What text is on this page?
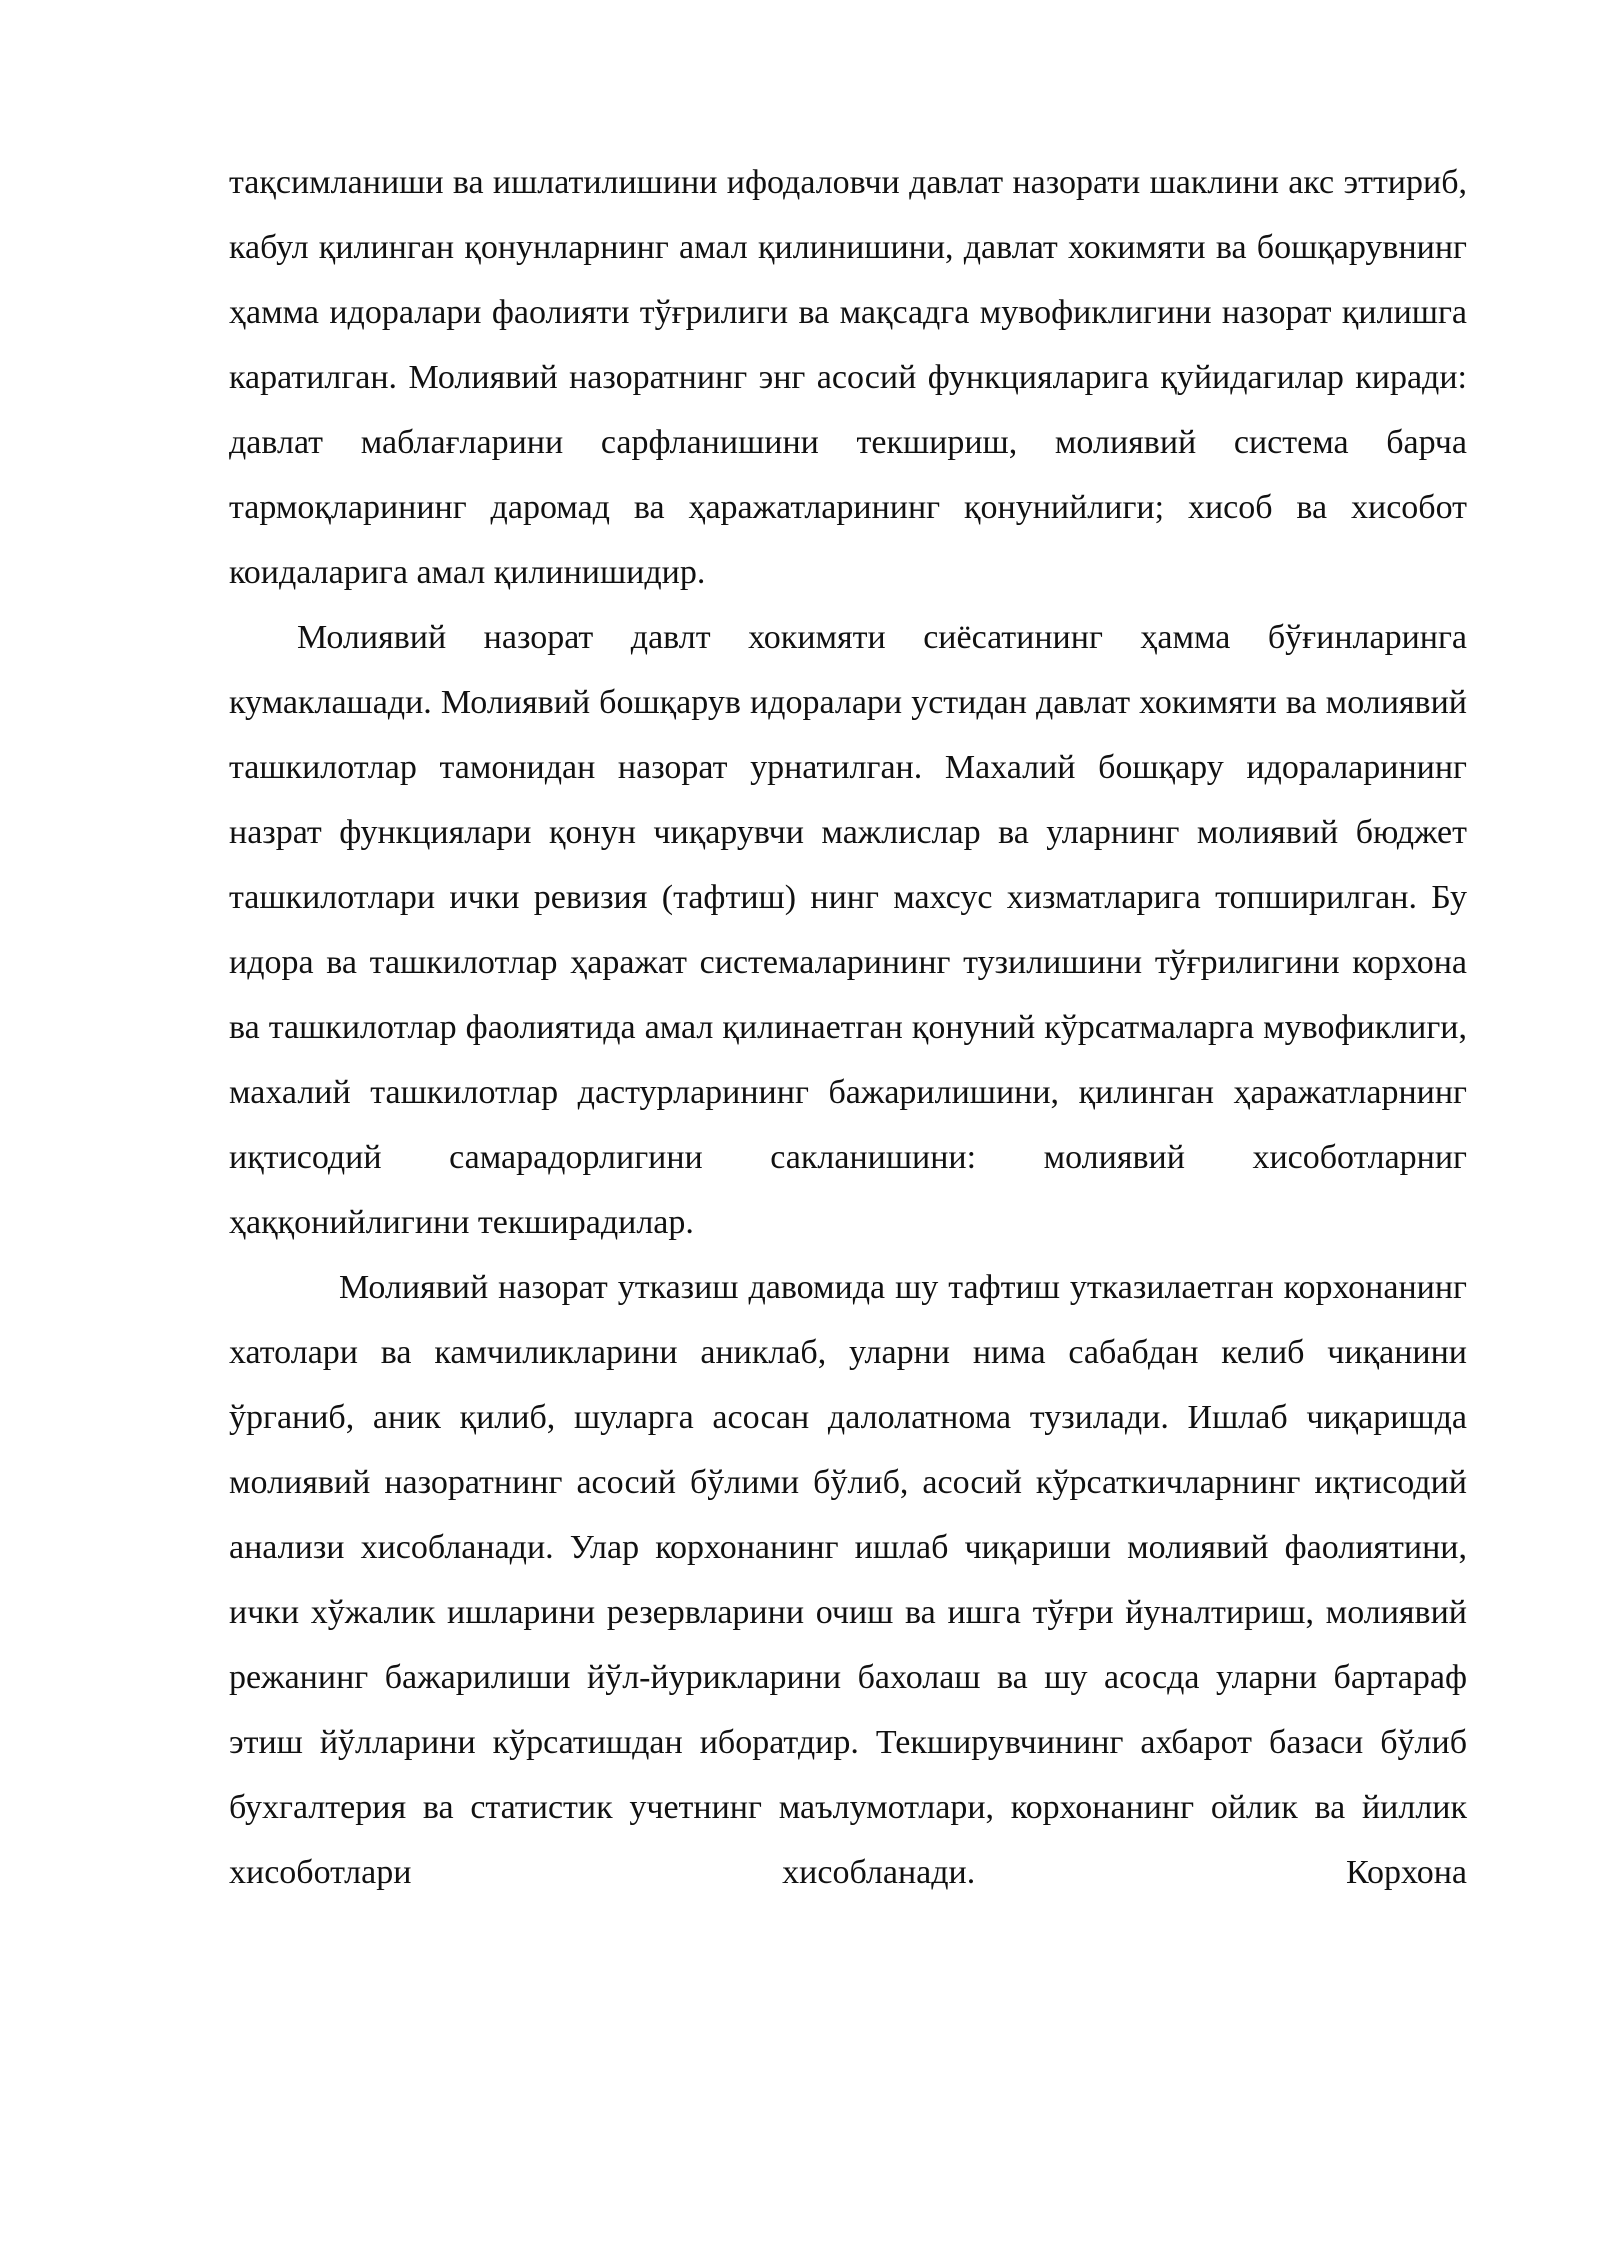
тақсимланиши ва ишлатилишини ифодаловчи давлат назорати шаклини акс эттириб, кабул қилинган қонунларнинг амал қилинишини, давлат хокимяти ва бошқарувнинг ҳамма идоралари фаолияти тўғрилиги ва мақсадга мувофиклигини назорат қилишга каратилган. Молиявий назоратнинг энг асосий функцияларига қуйидагилар киради: давлат маблағларини сарфланишини текшириш, молиявий система барча тармоқларининг даромад ва ҳаражатларининг қонунийлиги; хисоб ва хисобот коидаларига амал қилинишидир.

Молиявий назорат давлт хокимяти сиёсатининг ҳамма бўғинларинга кумаклашади. Молиявий бошқарув идоралари устидан давлат хокимяти ва молиявий ташкилотлар тамонидан назорат урнатилган. Махалий бошқару идораларининг назрат функциялари қонун чиқарувчи мажлислар ва уларнинг молиявий бюджет ташкилотлари ички ревизия (тафтиш) нинг махсус хизматларига топширилган. Бу идора ва ташкилотлар ҳаражат системаларининг тузилишини тўғрилигини корхона ва ташкилотлар фаолиятида амал қилинаетган қонуний кўрсатмаларга мувофиклиги, махалий ташкилотлар дастурларининг бажарилишини, қилинган ҳаражатларнинг иқтисодий самарадорлигини сакланишини: молиявий хисоботларниг ҳаққонийлигини текширадилар.

Молиявий назорат утказиш давомида шу тафтиш утказилаетган корхонанинг хатолари ва камчиликларини аниклаб, уларни нима сабабдан келиб чиқанини ўрганиб, аник қилиб, шуларга асосан далолатнома тузилади. Ишлаб чиқаришда молиявий назоратнинг асосий бўлими бўлиб, асосий кўрсаткичларнинг иқтисодий анализи хисобланади. Улар корхонанинг ишлаб чиқариши молиявий фаолиятини, ички хўжалик ишларини резервларини очиш ва ишга тўғри йуналтириш, молиявий режанинг бажарилиши йўл-йурикларини бахолаш ва шу асосда уларни бартараф этиш йўлларини кўрсатишдан иборатдир. Текширувчининг ахбарот базаси бўлиб бухгалтерия ва статистик учетнинг маълумотлари, корхонанинг ойлик ва йиллик хисоботлари хисобланади. Корхона
